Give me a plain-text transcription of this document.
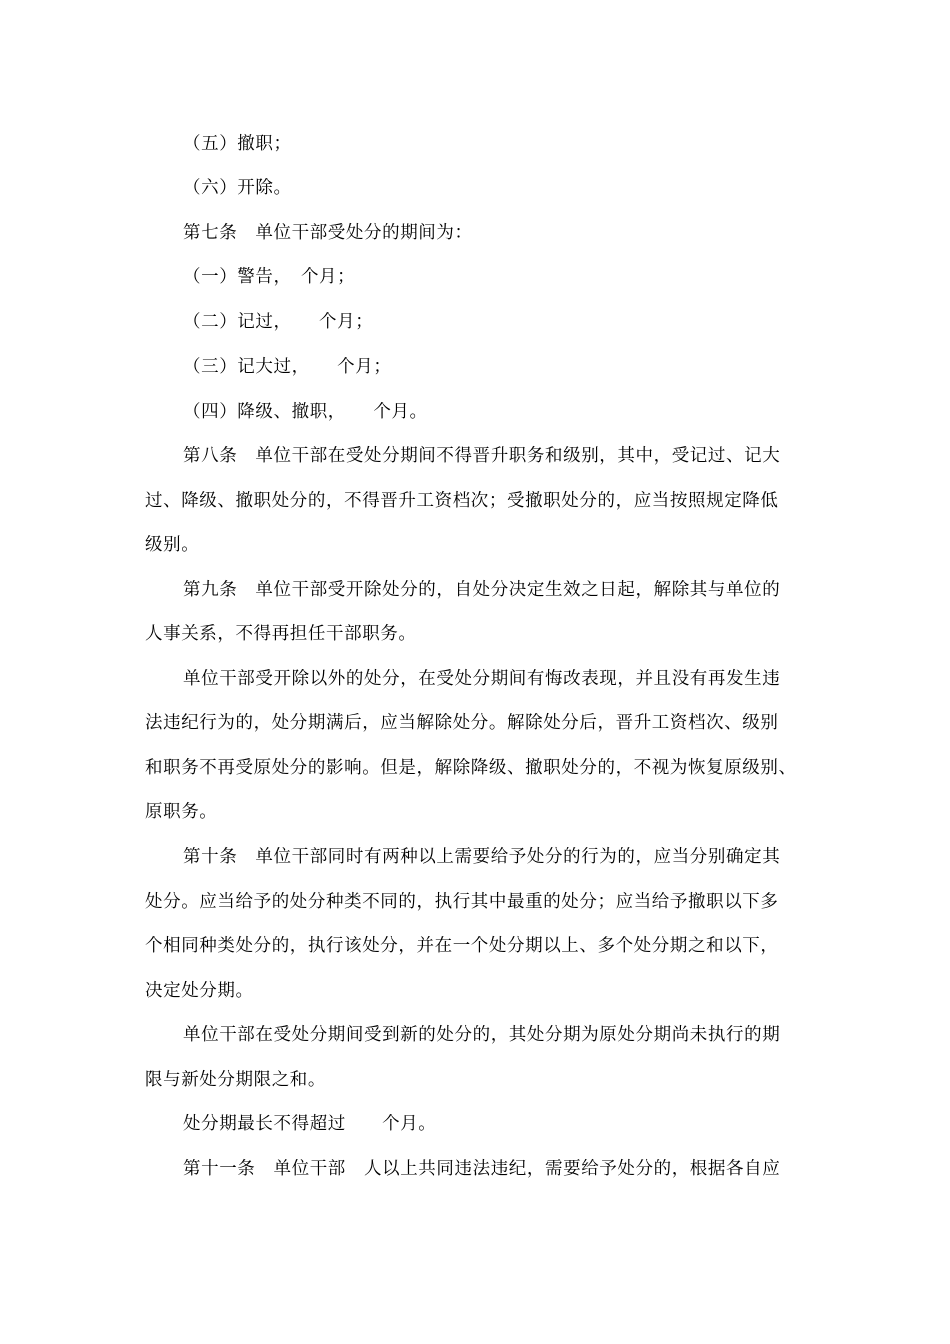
（五）撤职；
（六）开除。
第七条　单位干部受处分的期间为：
（一）警告，　个月；
（二）记过，　　个月；
（三）记大过，　　个月；
（四）降级、撤职，　　个月。
第八条　单位干部在受处分期间不得晋升职务和级别，其中，受记过、记大
过、降级、撤职处分的，不得晋升工资档次；受撤职处分的，应当按照规定降低
级别。
第九条　单位干部受开除处分的，自处分决定生效之日起，解除其与单位的
人事关系，不得再担任干部职务。
单位干部受开除以外的处分，在受处分期间有悔改表现，并且没有再发生违
法违纪行为的，处分期满后，应当解除处分。解除处分后，晋升工资档次、级别
和职务不再受原处分的影响。但是，解除降级、撤职处分的，不视为恢复原级别、
原职务。
第十条　单位干部同时有两种以上需要给予处分的行为的，应当分别确定其
处分。应当给予的处分种类不同的，执行其中最重的处分；应当给予撤职以下多
个相同种类处分的，执行该处分，并在一个处分期以上、多个处分期之和以下，
决定处分期。
单位干部在受处分期间受到新的处分的，其处分期为原处分期尚未执行的期
限与新处分期限之和。
处分期最长不得超过　　个月。
第十一条　单位干部　人以上共同违法违纪，需要给予处分的，根据各自应
